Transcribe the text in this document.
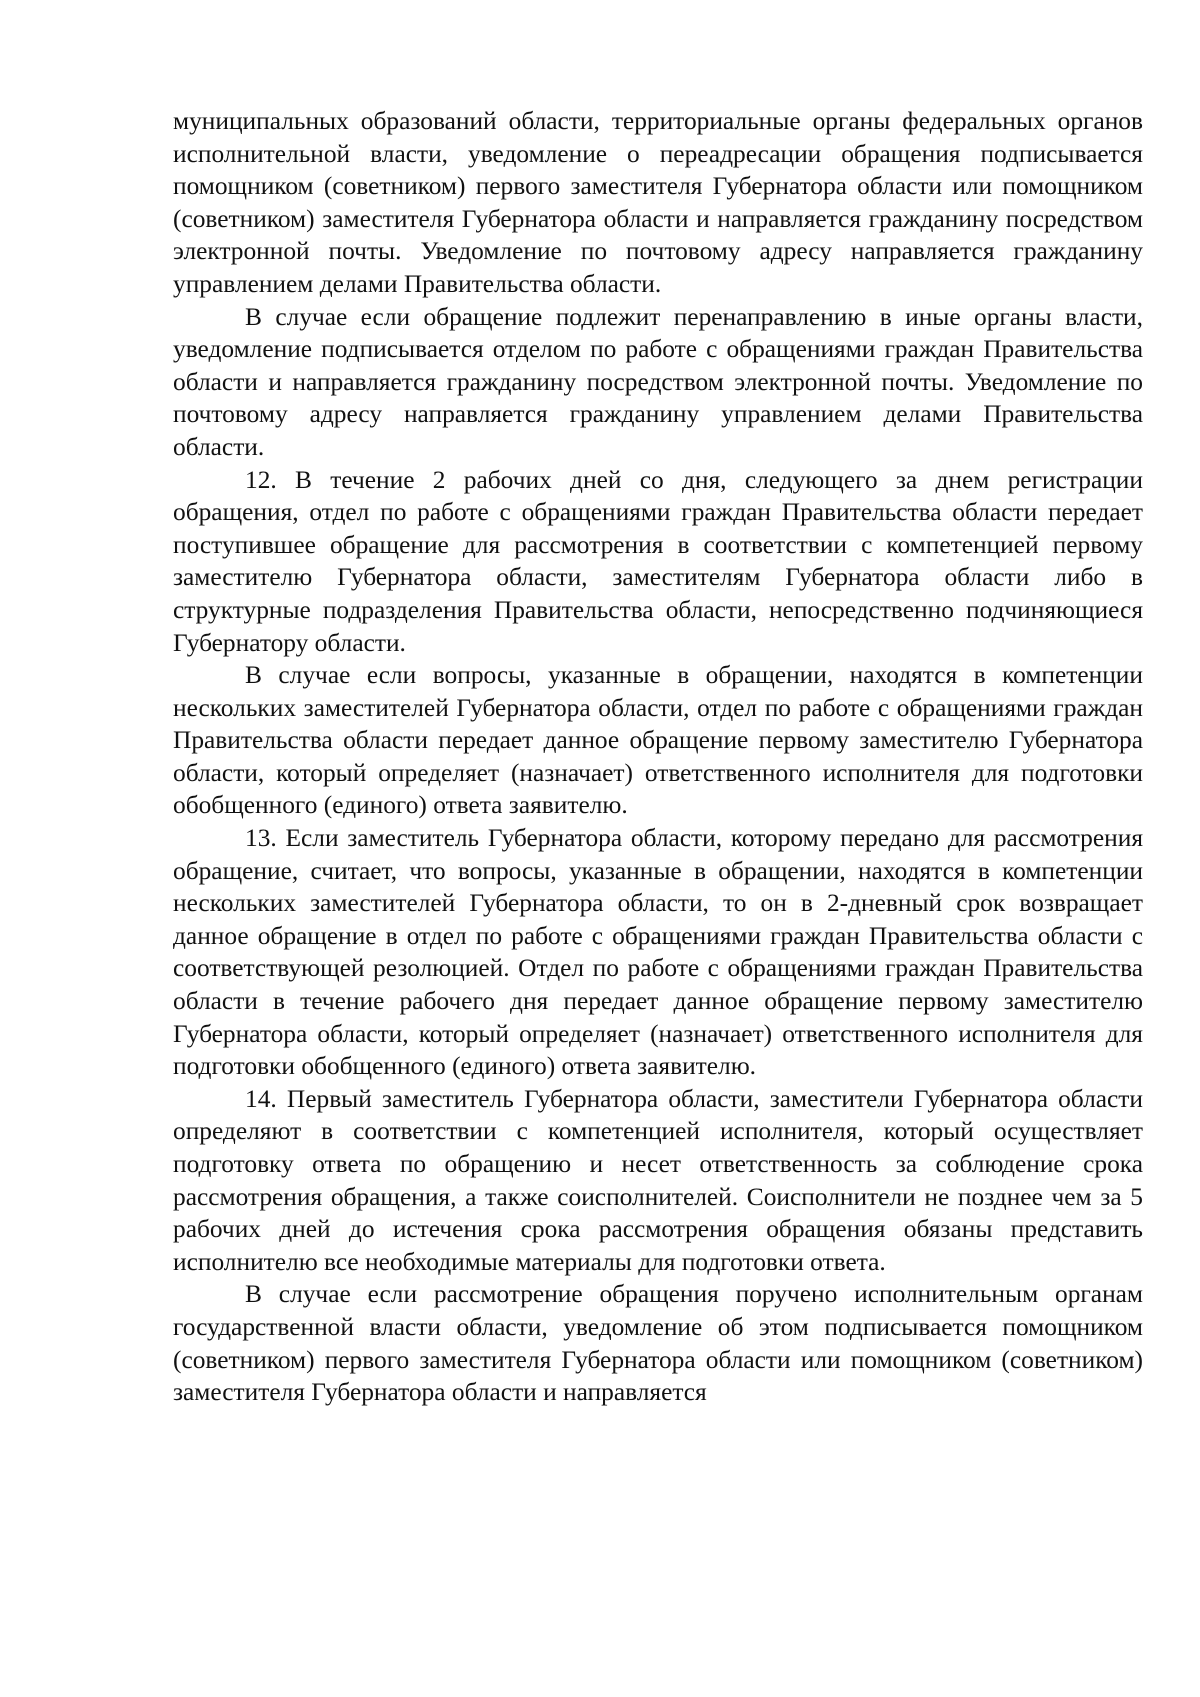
муниципальных образований области, территориальные органы федеральных органов исполнительной власти, уведомление о переадресации обращения подписывается помощником (советником) первого заместителя Губернатора области или помощником (советником) заместителя Губернатора области и направляется гражданину посредством электронной почты. Уведомление по почтовому адресу направляется гражданину управлением делами Правительства области.

В случае если обращение подлежит перенаправлению в иные органы власти, уведомление подписывается отделом по работе с обращениями граждан Правительства области и направляется гражданину посредством электронной почты. Уведомление по почтовому адресу направляется гражданину управлением делами Правительства области.

12. В течение 2 рабочих дней со дня, следующего за днем регистрации обращения, отдел по работе с обращениями граждан Правительства области передает поступившее обращение для рассмотрения в соответствии с компетенцией первому заместителю Губернатора области, заместителям Губернатора области либо в структурные подразделения Правительства области, непосредственно подчиняющиеся Губернатору области.

В случае если вопросы, указанные в обращении, находятся в компетенции нескольких заместителей Губернатора области, отдел по работе с обращениями граждан Правительства области передает данное обращение первому заместителю Губернатора области, который определяет (назначает) ответственного исполнителя для подготовки обобщенного (единого) ответа заявителю.

13. Если заместитель Губернатора области, которому передано для рассмотрения обращение, считает, что вопросы, указанные в обращении, находятся в компетенции нескольких заместителей Губернатора области, то он в 2-дневный срок возвращает данное обращение в отдел по работе с обращениями граждан Правительства области с соответствующей резолюцией. Отдел по работе с обращениями граждан Правительства области в течение рабочего дня передает данное обращение первому заместителю Губернатора области, который определяет (назначает) ответственного исполнителя для подготовки обобщенного (единого) ответа заявителю.

14. Первый заместитель Губернатора области, заместители Губернатора области определяют в соответствии с компетенцией исполнителя, который осуществляет подготовку ответа по обращению и несет ответственность за соблюдение срока рассмотрения обращения, а также соисполнителей. Соисполнители не позднее чем за 5 рабочих дней до истечения срока рассмотрения обращения обязаны представить исполнителю все необходимые материалы для подготовки ответа.

В случае если рассмотрение обращения поручено исполнительным органам государственной власти области, уведомление об этом подписывается помощником (советником) первого заместителя Губернатора области или помощником (советником) заместителя Губернатора области и направляется
